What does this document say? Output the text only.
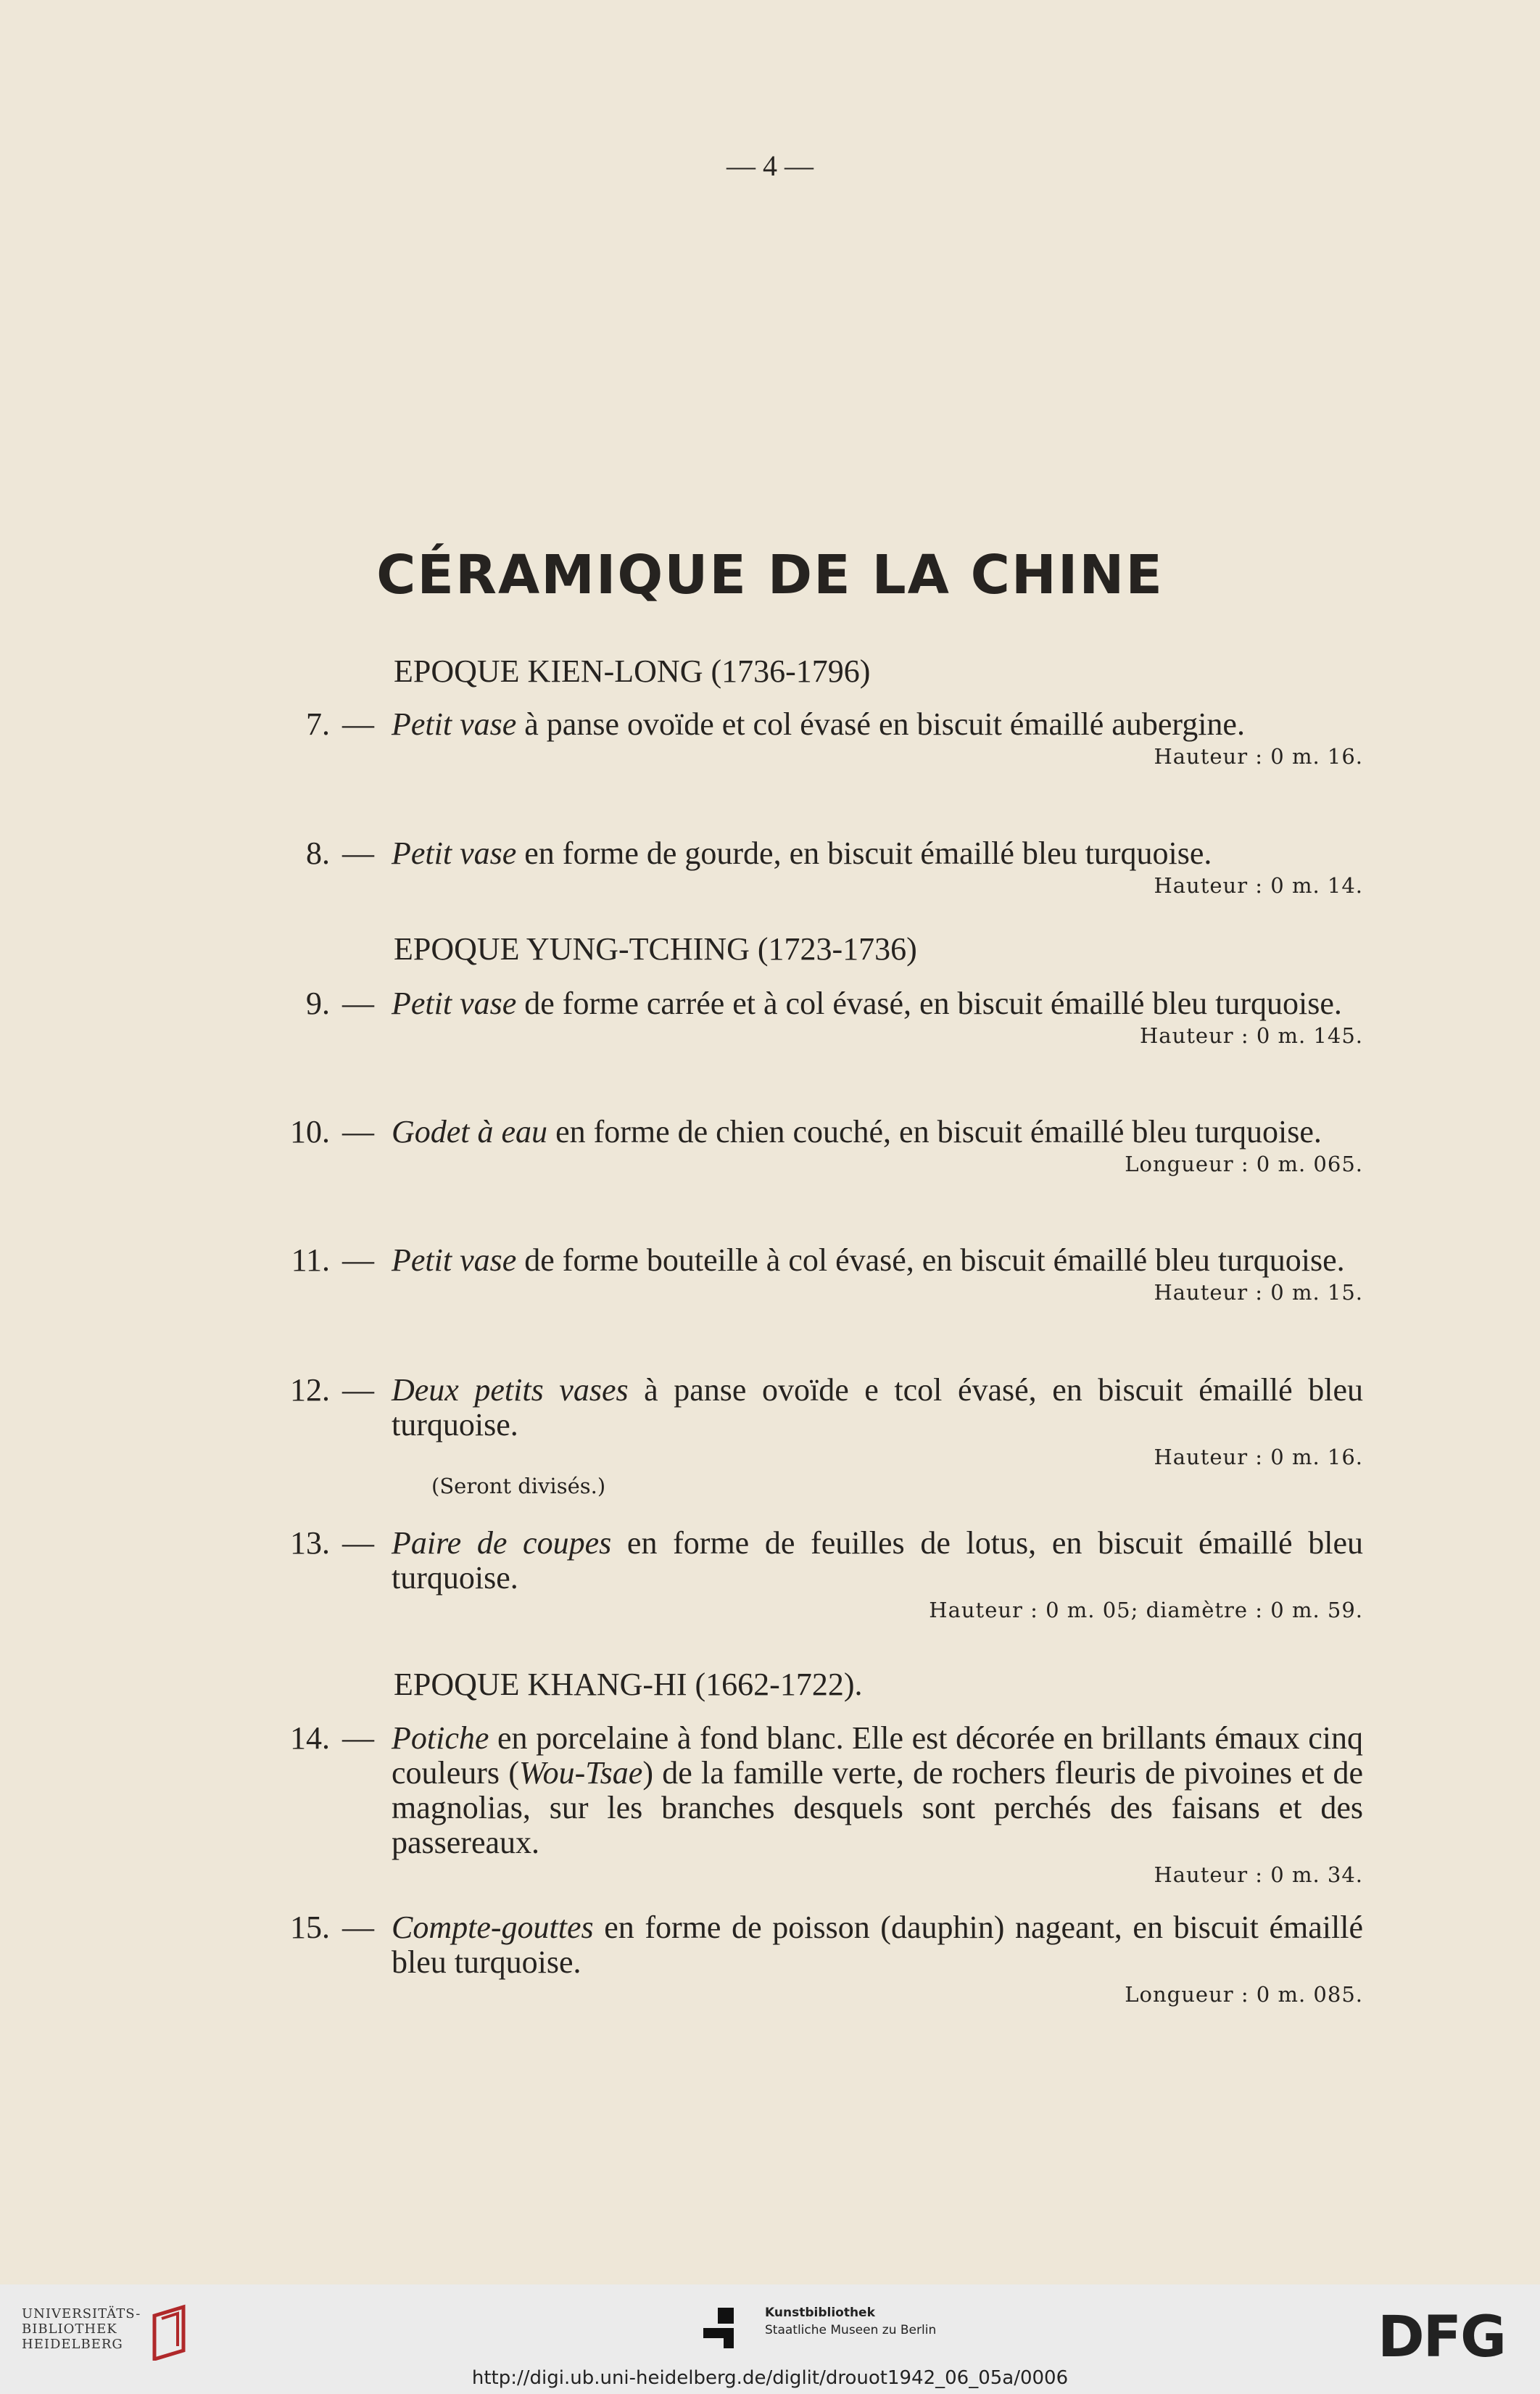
— 4 —
CÉRAMIQUE DE LA CHINE
EPOQUE KIEN-LONG (1736-1796)
7. — Petit vase à panse ovoïde et col évasé en biscuit émaillé aubergine.
Hauteur : 0 m. 16.
8. — Petit vase en forme de gourde, en biscuit émaillé bleu turquoise.
Hauteur : 0 m. 14.
EPOQUE YUNG-TCHING (1723-1736)
9. — Petit vase de forme carrée et à col évasé, en biscuit émaillé bleu turquoise.
Hauteur : 0 m. 145.
10. — Godet à eau en forme de chien couché, en biscuit émaillé bleu turquoise.
Longueur : 0 m. 065.
11. — Petit vase de forme bouteille à col évasé, en biscuit émaillé bleu turquoise.
Hauteur : 0 m. 15.
12. — Deux petits vases à panse ovoïde e tcol évasé, en biscuit émaillé bleu turquoise.
Hauteur : 0 m. 16.
(Seront divisés.)
13. — Paire de coupes en forme de feuilles de lotus, en biscuit émaillé bleu turquoise.
Hauteur : 0 m. 05; diamètre : 0 m. 59.
EPOQUE KHANG-HI (1662-1722).
14. — Potiche en porcelaine à fond blanc. Elle est décorée en brillants émaux cinq couleurs (Wou-Tsae) de la famille verte, de rochers fleuris de pivoines et de magnolias, sur les branches desquels sont perchés des faisans et des passereaux.
Hauteur : 0 m. 34.
15. — Compte-gouttes en forme de poisson (dauphin) nageant, en biscuit émaillé bleu turquoise.
Longueur : 0 m. 085.
UNIVERSITÄTS-
BIBLIOTHEK
HEIDELBERG
Kunstbibliothek
Staatliche Museen zu Berlin	DFG
http://digi.ub.uni-heidelberg.de/diglit/drouot1942_06_05a/0006
